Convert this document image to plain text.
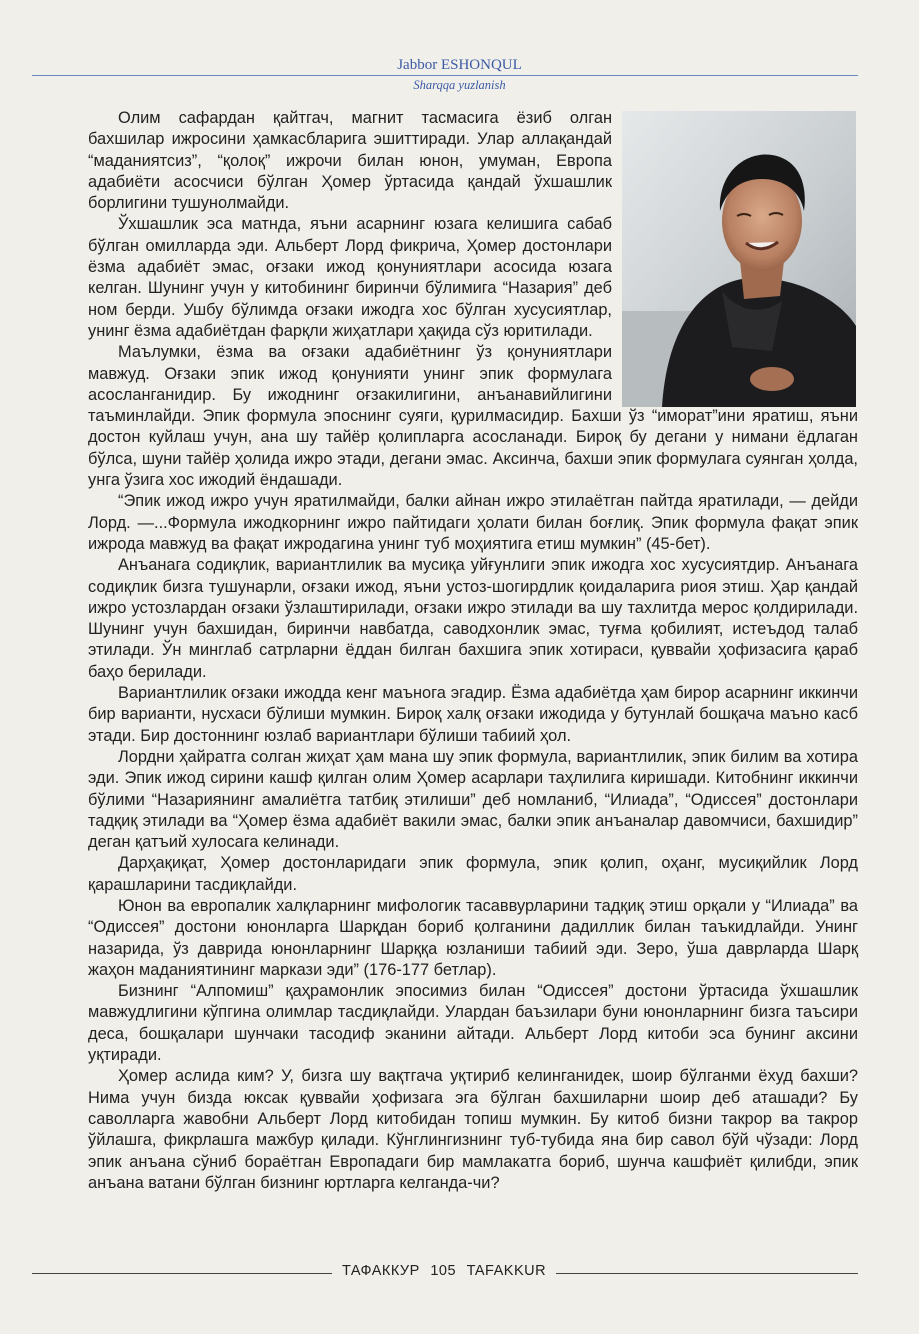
Jabbor ESHONQUL
Sharqqa yuzlanish

Олим сафардан қайтгач, магнит тасмасига ёзиб олган бахшилар ижросини ҳамкасбларига эшиттиради. Улар аллақандай “маданиятсиз”, “қолоқ” ижрочи билан юнон, умуман, Европа адабиёти асосчиси бўлган Ҳомер ўртасида қандай ўхшашлик борлигини тушунолмайди.

Ўхшашлик эса матнда, яъни асарнинг юзага келишига сабаб бўлган омилларда эди. Альберт Лорд фикрича, Ҳомер достонлари ёзма адабиёт эмас, оғзаки ижод қонуниятлари асосида юзага келган. Шунинг учун у китобининг биринчи бўлимига “Назария” деб ном берди. Ушбу бўлимда оғзаки ижодга хос бўлган хусусиятлар, унинг ёзма адабиётдан фарқли жиҳатлари ҳақида сўз юритилади.

Маълумки, ёзма ва оғзаки адабиётнинг ўз қонуниятлари мавжуд. Оғзаки эпик ижод қонунияти унинг эпик формулага асосланганидир. Бу ижоднинг оғзакилигини, анъанавийлигини таъминлайди. Эпик формула эпоснинг суяги, қурилмасидир. Бахши ўз “иморат”ини яратиш, яъни достон куйлаш учун, ана шу тайёр қолипларга асосланади. Бироқ бу дегани у нимани ёдлаган бўлса, шуни тайёр ҳолида ижро этади, дегани эмас. Аксинча, бахши эпик формулага суянган ҳолда, унга ўзига хос ижодий ёндашади.

“Эпик ижод ижро учун яратилмайди, балки айнан ижро этилаётган пайтда яратилади, — дейди Лорд. —...Формула ижодкорнинг ижро пайтидаги ҳолати билан боғлиқ. Эпик формула фақат эпик ижрода мавжуд ва фақат ижродагина унинг туб моҳиятига етиш мумкин” (45-бет).

Анъанага содиқлик, вариантлилик ва мусиқа уйғунлиги эпик ижодга хос хусусиятдир. Анъанага содиқлик бизга тушунарли, оғзаки ижод, яъни устоз-шогирдлик қоидаларига риоя этиш. Ҳар қандай ижро устозлардан оғзаки ўзлаштирилади, оғзаки ижро этилади ва шу тахлитда мерос қолдирилади. Шунинг учун бахшидан, биринчи навбатда, саводхонлик эмас, туғма қобилият, истеъдод талаб этилади. Ўн минглаб сатрларни ёддан билган бахшига эпик хотираси, қуввайи ҳофизасига қараб баҳо берилади.

Вариантлилик оғзаки ижодда кенг маънога эгадир. Ёзма адабиётда ҳам бирор асарнинг иккинчи бир варианти, нусхаси бўлиши мумкин. Бироқ халқ оғзаки ижодида у бутунлай бошқача маъно касб этади. Бир достоннинг юзлаб вариантлари бўлиши табиий ҳол.

Лордни ҳайратга солган жиҳат ҳам мана шу эпик формула, вариантлилик, эпик билим ва хотира эди. Эпик ижод сирини кашф қилган олим Ҳомер асарлари таҳлилига киришади. Китобнинг иккинчи бўлими “Назариянинг амалиётга татбиқ этилиши” деб номланиб, “Илиада”, “Одиссея” достонлари тадқиқ этилади ва “Ҳомер ёзма адабиёт вакили эмас, балки эпик анъаналар давомчиси, бахшидир” деган қатъий хулосага келинади.

Дарҳақиқат, Ҳомер достонларидаги эпик формула, эпик қолип, оҳанг, мусиқийлик Лорд қарашларини тасдиқлайди.

Юнон ва европалик халқларнинг мифологик тасаввурларини тадқиқ этиш орқали у “Илиада” ва “Одиссея” достони юнонларга Шарқдан бориб қолганини дадиллик билан таъкидлайди. Унинг назарида, ўз даврида юнонларнинг Шарққа юзланиши табиий эди. Зеро, ўша даврларда Шарқ жаҳон маданиятининг маркази эди” (176-177 бетлар).

Бизнинг “Алпомиш” қаҳрамонлик эпосимиз билан “Одиссея” достони ўртасида ўхшашлик мавжудлигини кўпгина олимлар тасдиқлайди. Улардан баъзилари буни юнонларнинг бизга таъсири деса, бошқалари шунчаки тасодиф эканини айтади. Альберт Лорд китоби эса бунинг аксини уқтиради.

Ҳомер аслида ким? У, бизга шу вақтгача уқтириб келинганидек, шоир бўлганми ёхуд бахши? Нима учун бизда юксак қуввайи ҳофизага эга бўлган бахшиларни шоир деб аташади? Бу саволларга жавобни Альберт Лорд китобидан топиш мумкин. Бу китоб бизни такрор ва такрор ўйлашга, фикрлашга мажбур қилади. Кўнглингизнинг туб-тубида яна бир савол бўй чўзади: Лорд эпик анъана сўниб бораётган Европадаги бир мамлакатга бориб, шунча кашфиёт қилибди, эпик анъана ватани бўлган бизнинг юртларга келганда-чи?

ТАФАККУР 105 TAFAKKUR
